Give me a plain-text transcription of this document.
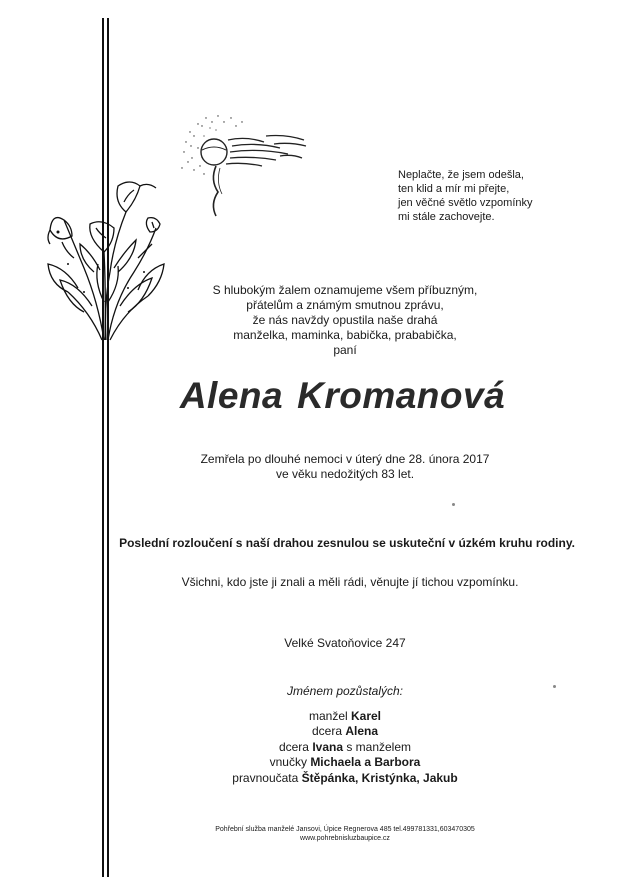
Neplačte, že jsem odešla,
ten klid a mír mi přejte,
jen věčné světlo vzpomínky
mi stále zachovejte.
S hlubokým žalem oznamujeme všem příbuzným,
přátelům a známým smutnou zprávu,
že nás navždy opustila naše drahá
manželka, maminka, babička, prababička,
paní
Alena Kromanová
Zemřela po dlouhé nemoci v úterý dne 28. února 2017
ve věku nedožitých 83 let.
Poslední rozloučení s naší drahou zesnulou se uskuteční v úzkém kruhu rodiny.
Všichni, kdo jste ji znali a měli rádi, věnujte jí tichou vzpomínku.
Velké Svatoňovice 247
Jménem pozůstalých:
manžel Karel
dcera Alena
dcera Ivana s manželem
vnučky Michaela a Barbora
pravnoučata Štěpánka, Kristýnka, Jakub
Pohřební služba manželé Jansovi, Úpice Regnerova 485 tel.499781331,603470305
www.pohrebnisluzbaupice.cz
